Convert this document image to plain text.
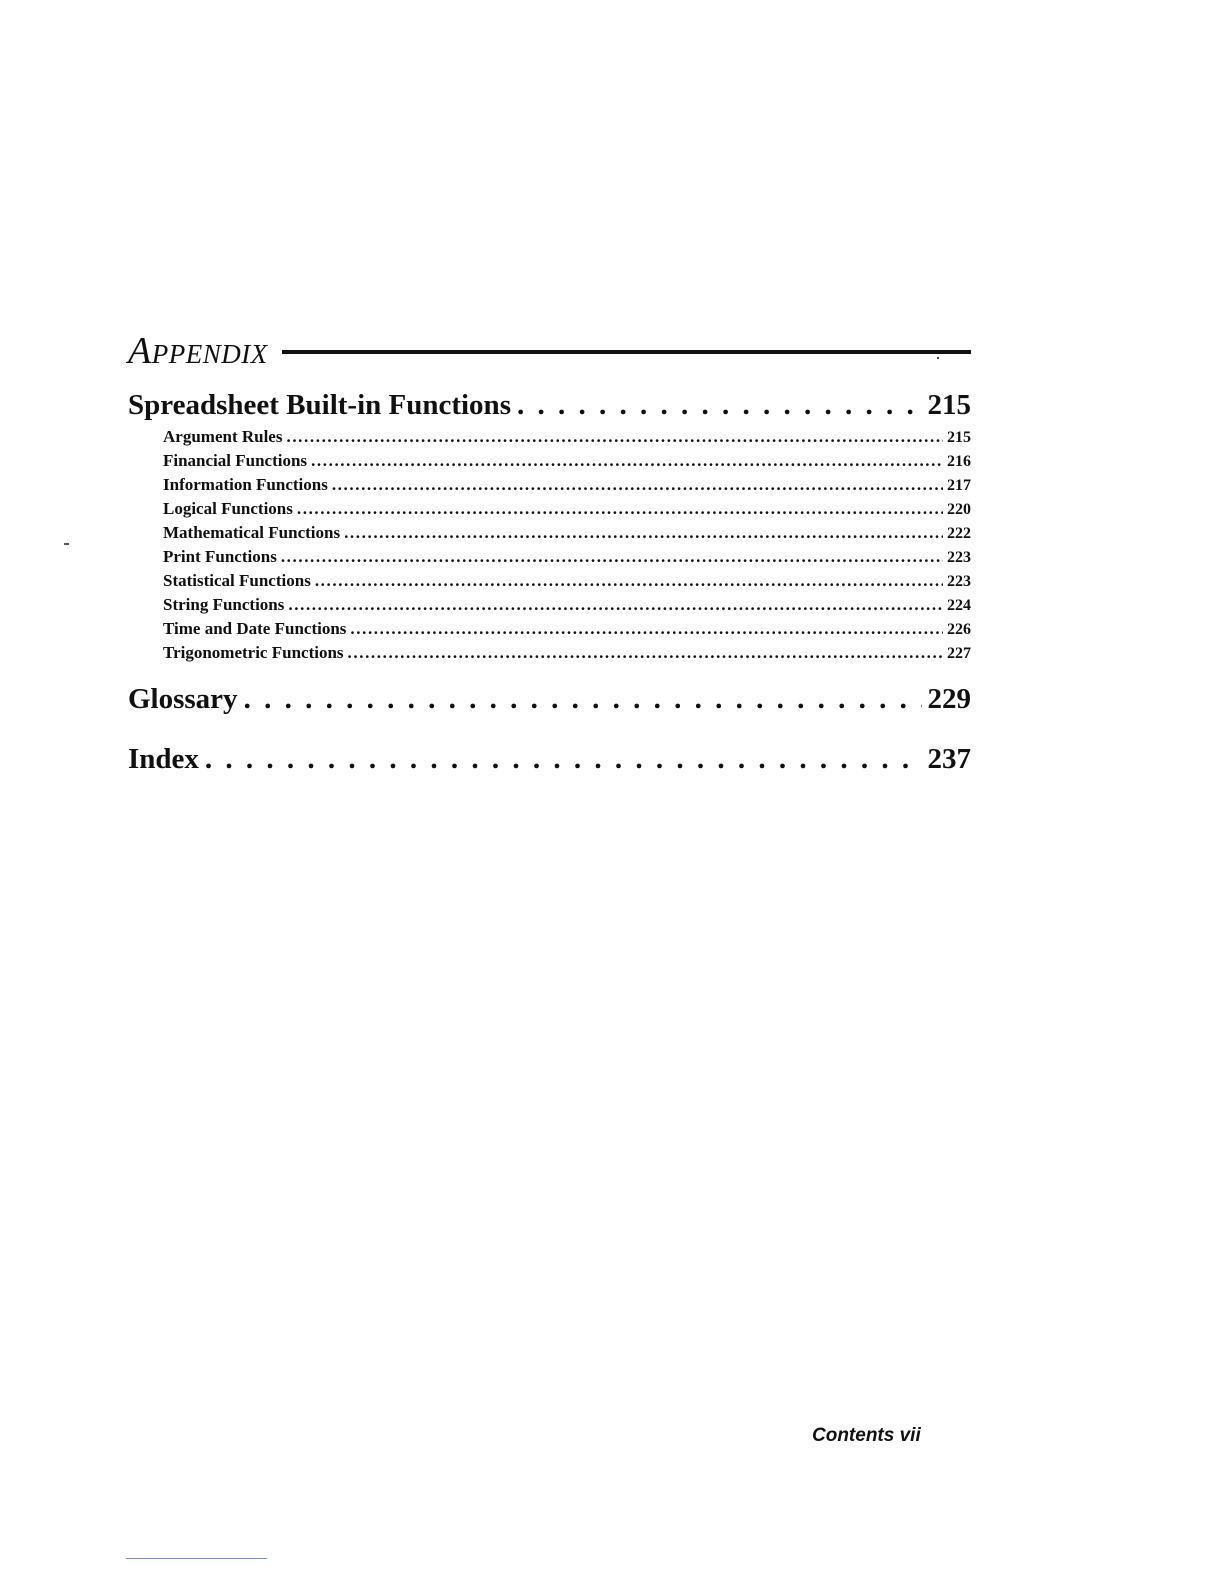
APPENDIX
Spreadsheet Built-in Functions . . .	215
Argument Rules .....	215
Financial Functions .....	216
Information Functions .....	217
Logical Functions .....	220
Mathematical Functions .....	222
Print Functions .....	223
Statistical Functions .....	223
String Functions .....	224
Time and Date Functions .....	226
Trigonometric Functions .....	227
Glossary . . .	229
Index . . .	237
Contents vii
